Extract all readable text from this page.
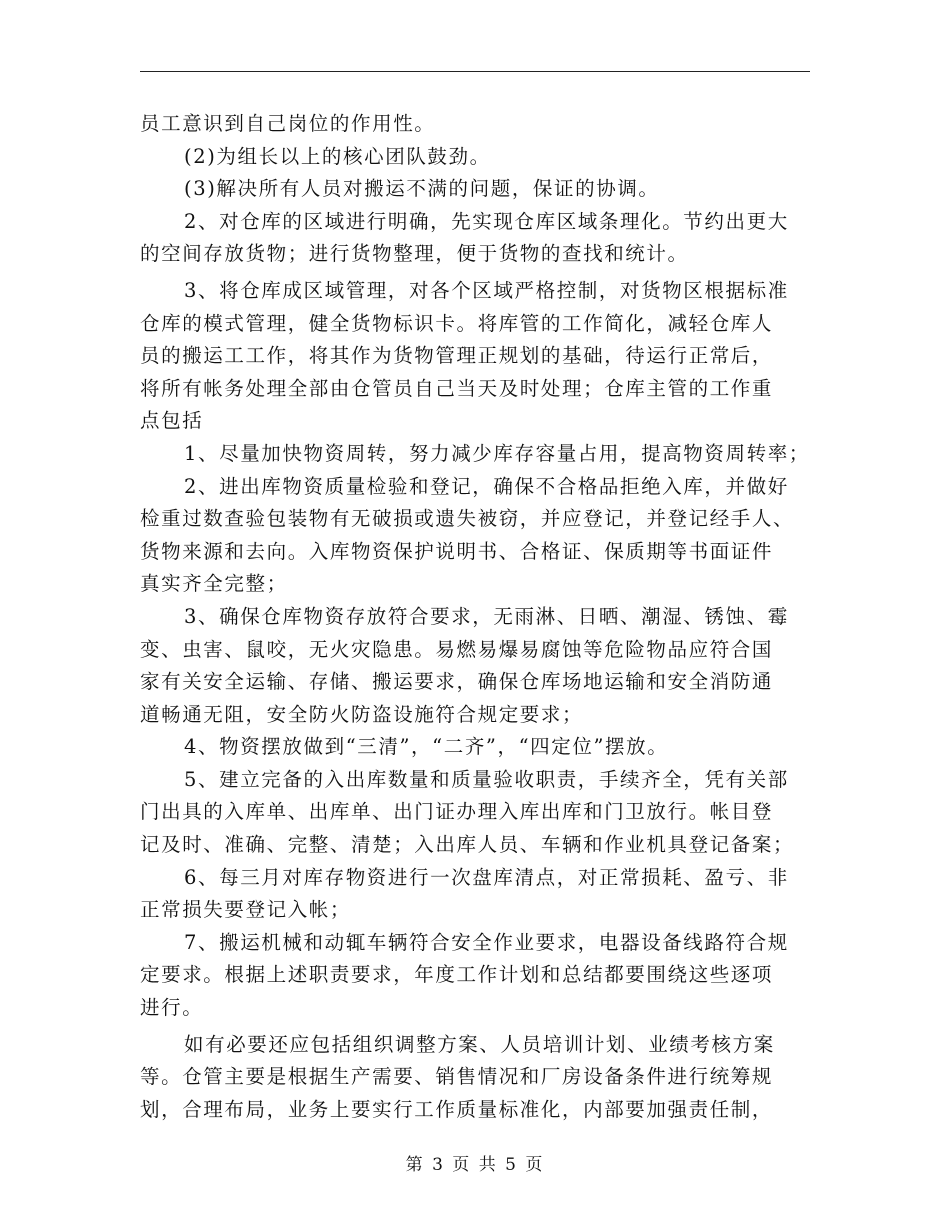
员工意识到自己岗位的作用性。
(2)为组长以上的核心团队鼓劲。
(3)解决所有人员对搬运不满的问题，保证的协调。
2、对仓库的区域进行明确，先实现仓库区域条理化。节约出更大
的空间存放货物；进行货物整理，便于货物的查找和统计。
3、将仓库成区域管理，对各个区域严格控制，对货物区根据标准
仓库的模式管理，健全货物标识卡。将库管的工作简化，减轻仓库人
员的搬运工工作，将其作为货物管理正规划的基础，待运行正常后，
将所有帐务处理全部由仓管员自己当天及时处理；仓库主管的工作重
点包括
1、尽量加快物资周转，努力减少库存容量占用，提高物资周转率；
2、进出库物资质量检验和登记，确保不合格品拒绝入库，并做好
检重过数查验包装物有无破损或遗失被窃，并应登记，并登记经手人、
货物来源和去向。入库物资保护说明书、合格证、保质期等书面证件
真实齐全完整；
3、确保仓库物资存放符合要求，无雨淋、日晒、潮湿、锈蚀、霉
变、虫害、鼠咬，无火灾隐患。易燃易爆易腐蚀等危险物品应符合国
家有关安全运输、存储、搬运要求，确保仓库场地运输和安全消防通
道畅通无阻，安全防火防盗设施符合规定要求；
4、物资摆放做到“三清”，“二齐”，“四定位”摆放。
5、建立完备的入出库数量和质量验收职责，手续齐全，凭有关部
门出具的入库单、出库单、出门证办理入库出库和门卫放行。帐目登
记及时、准确、完整、清楚；入出库人员、车辆和作业机具登记备案；
6、每三月对库存物资进行一次盘库清点，对正常损耗、盈亏、非
正常损失要登记入帐；
7、搬运机械和动辄车辆符合安全作业要求，电器设备线路符合规
定要求。根据上述职责要求，年度工作计划和总结都要围绕这些逐项
进行。
如有必要还应包括组织调整方案、人员培训计划、业绩考核方案
等。仓管主要是根据生产需要、销售情况和厂房设备条件进行统筹规
划，合理布局，业务上要实行工作质量标准化，内部要加强责任制，
第 3 页 共 5 页
